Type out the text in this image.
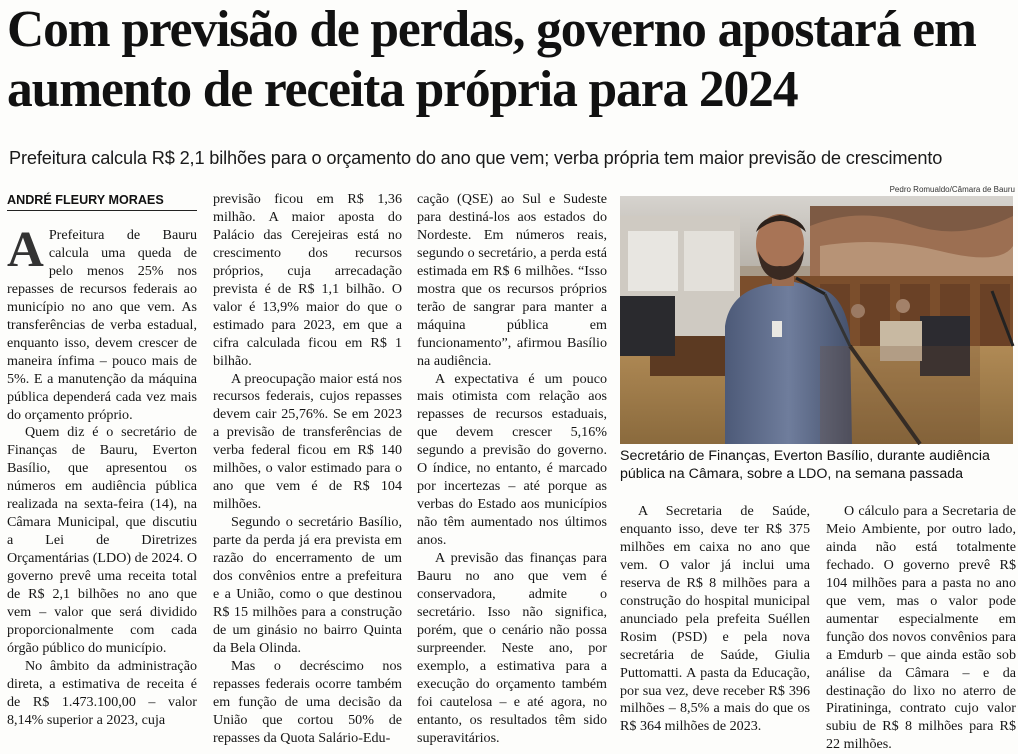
Com previsão de perdas, governo apostará em aumento de receita própria para 2024
Prefeitura calcula R$ 2,1 bilhões para o orçamento do ano que vem; verba própria tem maior previsão de crescimento
ANDRÉ FLEURY MORAES

A Prefeitura de Bauru calcula uma queda de pelo menos 25% nos repasses de recursos federais ao município no ano que vem. As transferências de verba estadual, enquanto isso, devem crescer de maneira ínfima – pouco mais de 5%. E a manutenção da máquina pública dependerá cada vez mais do orçamento próprio.

Quem diz é o secretário de Finanças de Bauru, Everton Basílio, que apresentou os números em audiência pública realizada na sexta-feira (14), na Câmara Municipal, que discutiu a Lei de Diretrizes Orçamentárias (LDO) de 2024. O governo prevê uma receita total de R$ 2,1 bilhões no ano que vem – valor que será dividido proporcionalmente com cada órgão público do município.

No âmbito da administração direta, a estimativa de receita é de R$ 1.473.100,00 – valor 8,14% superior a 2023, cuja

previsão ficou em R$ 1,36 milhão. A maior aposta do Palácio das Cerejeiras está no crescimento dos recursos próprios, cuja arrecadação prevista é de R$ 1,1 bilhão. O valor é 13,9% maior do que o estimado para 2023, em que a cifra calculada ficou em R$ 1 bilhão.

A preocupação maior está nos recursos federais, cujos repasses devem cair 25,76%. Se em 2023 a previsão de transferências de verba federal ficou em R$ 140 milhões, o valor estimado para o ano que vem é de R$ 104 milhões.

Segundo o secretário Basílio, parte da perda já era prevista em razão do encerramento de um dos convênios entre a prefeitura e a União, como o que destinou R$ 15 milhões para a construção de um ginásio no bairro Quinta da Bela Olinda.

Mas o decréscimo nos repasses federais ocorre também em função de uma decisão da União que cortou 50% de repasses da Quota Salário-Edu-

cação (QSE) ao Sul e Sudeste para destiná-los aos estados do Nordeste. Em números reais, segundo o secretário, a perda está estimada em R$ 6 milhões. “Isso mostra que os recursos próprios terão de sangrar para manter a máquina pública em funcionamento”, afirmou Basílio na audiência.

A expectativa é um pouco mais otimista com relação aos repasses de recursos estaduais, que devem crescer 5,16% segundo a previsão do governo. O índice, no entanto, é marcado por incertezas – até porque as verbas do Estado aos municípios não têm aumentado nos últimos anos.

A previsão das finanças para Bauru no ano que vem é conservadora, admite o secretário. Isso não significa, porém, que o cenário não possa surpreender. Neste ano, por exemplo, a estimativa para a execução do orçamento também foi cautelosa – e até agora, no entanto, os resultados têm sido superavitários.

Pedro Romualdo/Câmara de Bauru
Secretário de Finanças, Everton Basílio, durante audiência pública na Câmara, sobre a LDO, na semana passada

A Secretaria de Saúde, enquanto isso, deve ter R$ 375 milhões em caixa no ano que vem. O valor já inclui uma reserva de R$ 8 milhões para a construção do hospital municipal anunciado pela prefeita Suéllen Rosim (PSD) e pela nova secretária de Saúde, Giulia Puttomatti. A pasta da Educação, por sua vez, deve receber R$ 396 milhões – 8,5% a mais do que os R$ 364 milhões de 2023.

O cálculo para a Secretaria de Meio Ambiente, por outro lado, ainda não está totalmente fechado. O governo prevê R$ 104 milhões para a pasta no ano que vem, mas o valor pode aumentar especialmente em função dos novos convênios para a Emdurb – que ainda estão sob análise da Câmara – e da destinação do lixo no aterro de Piratininga, contrato cujo valor subiu de R$ 8 milhões para R$ 22 milhões.
